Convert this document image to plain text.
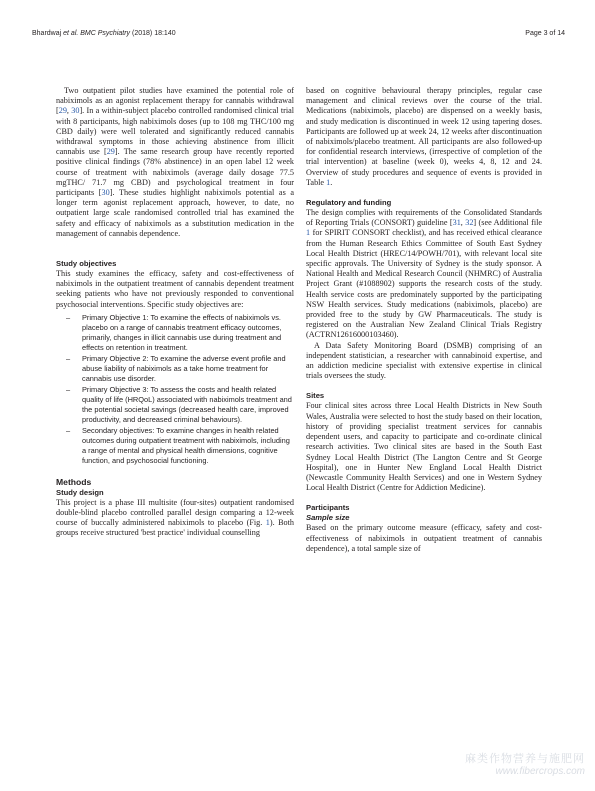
Bhardwaj et al. BMC Psychiatry (2018) 18:140	Page 3 of 14

Two outpatient pilot studies have examined the potential role of nabiximols as an agonist replacement therapy for cannabis withdrawal [29, 30]. In a within-subject placebo controlled randomised clinical trial with 8 participants, high nabiximols doses (up to 108 mg THC/100 mg CBD daily) were well tolerated and significantly reduced cannabis withdrawal symptoms in those achieving abstinence from illicit cannabis use [29]. The same research group have recently reported positive clinical findings (78% abstinence) in an open label 12 week course of treatment with nabiximols (average daily dosage 77.5 mgTHC/ 71.7 mg CBD) and psychological treatment in four participants [30]. These studies highlight nabiximols potential as a longer term agonist replacement approach, however, to date, no outpatient large scale randomised controlled trial has examined the safety and efficacy of nabiximols as a substitution medication in the management of cannabis dependence.

Study objectives

This study examines the efficacy, safety and cost-effectiveness of nabiximols in the outpatient treatment of cannabis dependent treatment seeking patients who have not previously responded to conventional psychosocial interventions. Specific study objectives are:

– Primary Objective 1: To examine the effects of nabiximols vs. placebo on a range of cannabis treatment efficacy outcomes, primarily, changes in illicit cannabis use during treatment and effects on retention in treatment.
– Primary Objective 2: To examine the adverse event profile and abuse liability of nabiximols as a take home treatment for cannabis use disorder.
– Primary Objective 3: To assess the costs and health related quality of life (HRQoL) associated with nabiximols treatment and the potential societal savings (decreased health care, improved productivity, and decreased criminal behaviours).
– Secondary objectives: To examine changes in health related outcomes during outpatient treatment with nabiximols, including a range of mental and physical health dimensions, cognitive function, and psychosocial functioning.
Methods
Study design

This project is a phase III multisite (four-sites) outpatient randomised double-blind placebo controlled parallel design comparing a 12-week course of buccally administered nabiximols to placebo (Fig. 1). Both groups receive structured 'best practice' individual counselling

based on cognitive behavioural therapy principles, regular case management and clinical reviews over the course of the trial. Medications (nabiximols, placebo) are dispensed on a weekly basis, and study medication is discontinued in week 12 using tapering doses. Participants are followed up at week 24, 12 weeks after discontinuation of nabiximols/placebo treatment. All participants are also followed-up for confidential research interviews, (irrespective of completion of the trial intervention) at baseline (week 0), weeks 4, 8, 12 and 24. Overview of study procedures and sequence of events is provided in Table 1.

Regulatory and funding

The design complies with requirements of the Consolidated Standards of Reporting Trials (CONSORT) guideline [31, 32] (see Additional file 1 for SPIRIT CONSORT checklist), and has received ethical clearance from the Human Research Ethics Committee of South East Sydney Local Health District (HREC/14/POWH/701), with relevant local site specific approvals. The University of Sydney is the study sponsor. A National Health and Medical Research Council (NHMRC) of Australia Project Grant (#1088902) supports the research costs of the study. Health service costs are predominately supported by the participating NSW Health services. Study medications (nabiximols, placebo) are provided free to the study by GW Pharmaceuticals. The study is registered on the Australian New Zealand Clinical Trials Registry (ACTRN12616000103460).

A Data Safety Monitoring Board (DSMB) comprising of an independent statistician, a researcher with cannabinoid expertise, and an addiction medicine specialist with extensive expertise in clinical trials oversees the study.

Sites

Four clinical sites across three Local Health Districts in New South Wales, Australia were selected to host the study based on their location, history of providing specialist treatment services for cannabis dependent users, and capacity to participate and co-ordinate clinical research activities. Two clinical sites are based in the South East Sydney Local Health District (The Langton Centre and St George Hospital), one in Hunter New England Local Health District (Newcastle Community Health Services) and one in Western Sydney Local Health District (Centre for Addiction Medicine).

Participants
Sample size

Based on the primary outcome measure (efficacy, safety and cost-effectiveness of nabiximols in outpatient treatment of cannabis dependence), a total sample size of

麻类作物营养与施肥网
www.fibercrops.com
